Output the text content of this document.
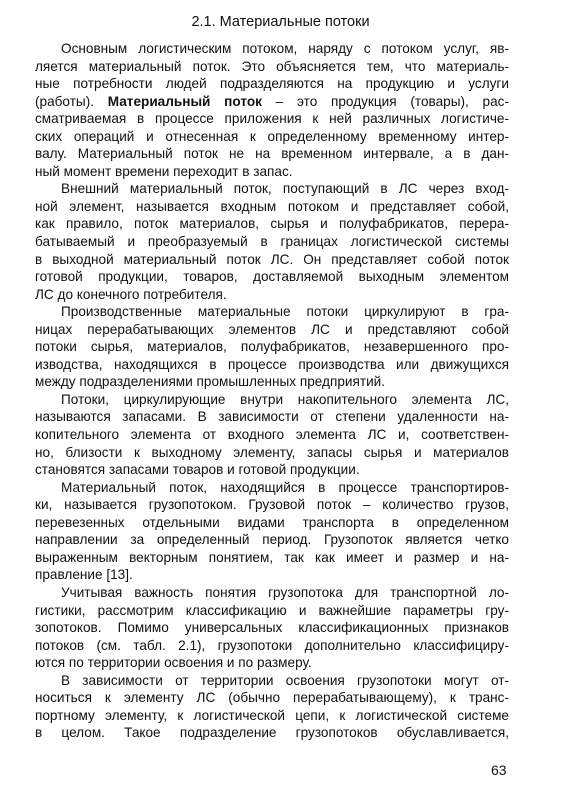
2.1. Материальные потоки
Основным логистическим потоком, наряду с потоком услуг, яв-
ляется материальный поток. Это объясняется тем, что материаль-
ные потребности людей подразделяются на продукцию и услуги
(работы). Материальный поток – это продукция (товары), рас-
сматриваемая в процессе приложения к ней различных логистиче-
ских операций и отнесенная к определенному временному интер-
валу. Материальный поток не на временном интервале, а в дан-
ный момент времени переходит в запас.
Внешний материальный поток, поступающий в ЛС через вход-
ной элемент, называется входным потоком и представляет собой,
как правило, поток материалов, сырья и полуфабрикатов, перера-
батываемый и преобразуемый в границах логистической системы
в выходной материальный поток ЛС. Он представляет собой поток
готовой продукции, товаров, доставляемой выходным элементом
ЛС до конечного потребителя.
Производственные материальные потоки циркулируют в гра-
ницах перерабатывающих элементов ЛС и представляют собой
потоки сырья, материалов, полуфабрикатов, незавершенного про-
изводства, находящихся в процессе производства или движущихся
между подразделениями промышленных предприятий.
Потоки, циркулирующие внутри накопительного элемента ЛС,
называются запасами. В зависимости от степени удаленности на-
копительного элемента от входного элемента ЛС и, соответствен-
но, близости к выходному элементу, запасы сырья и материалов
становятся запасами товаров и готовой продукции.
Материальный поток, находящийся в процессе транспортиров-
ки, называется грузопотоком. Грузовой поток – количество грузов,
перевезенных отдельными видами транспорта в определенном
направлении за определенный период. Грузопоток является четко
выраженным векторным понятием, так как имеет и размер и на-
правление [13].
Учитывая важность понятия грузопотока для транспортной ло-
гистики, рассмотрим классификацию и важнейшие параметры гру-
зопотоков. Помимо универсальных классификационных признаков
потоков (см. табл. 2.1), грузопотоки дополнительно классифициру-
ются по территории освоения и по размеру.
В зависимости от территории освоения грузопотоки могут от-
носиться к элементу ЛС (обычно перерабатывающему), к транс-
портному элементу, к логистической цепи, к логистической системе
в целом. Такое подразделение грузопотоков обуславливается,
63
